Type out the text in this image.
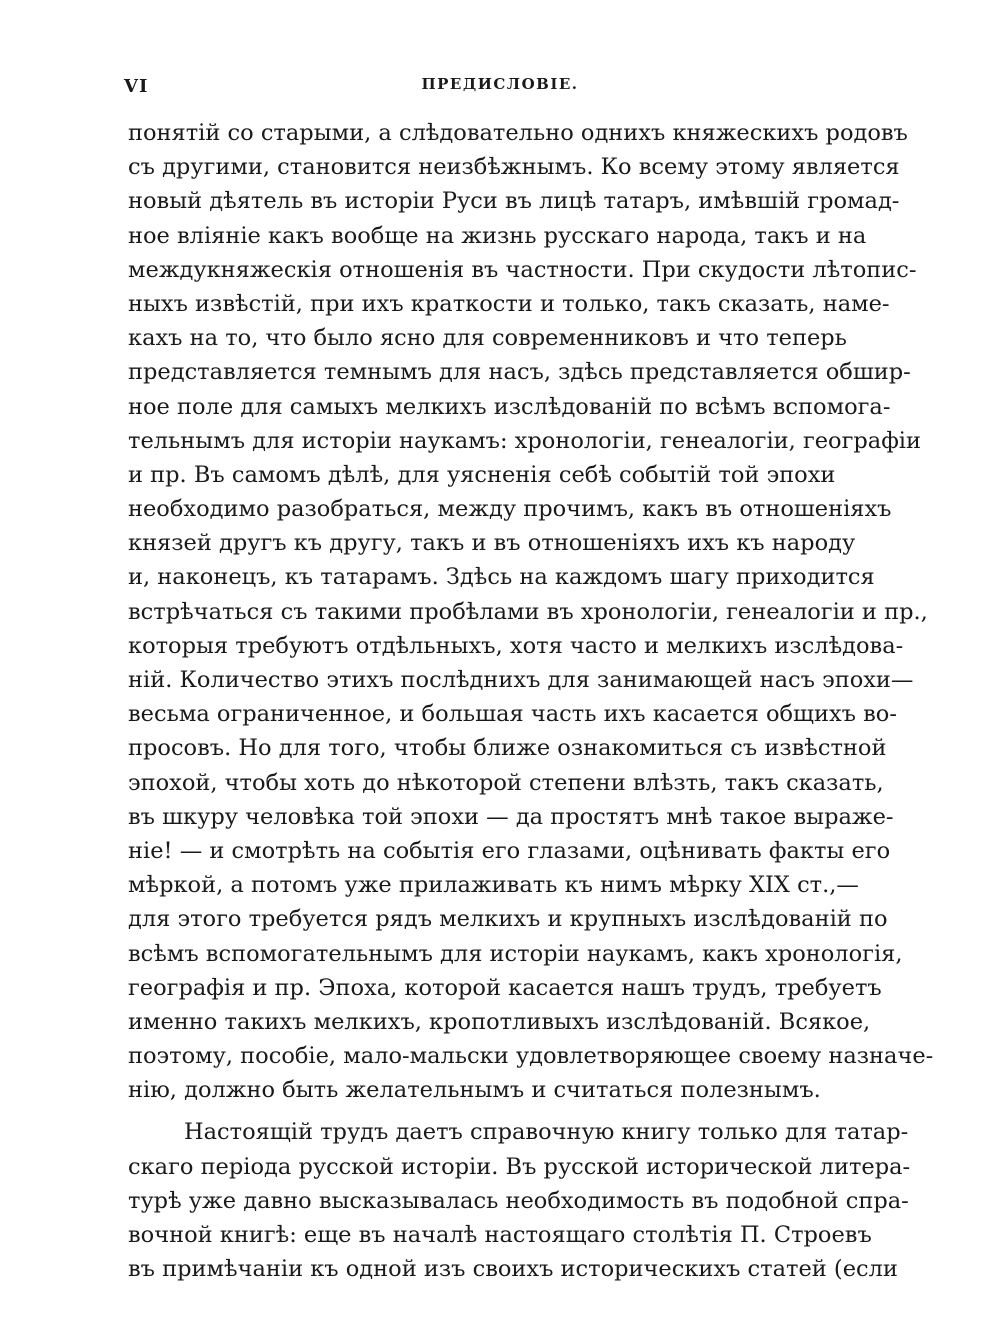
VI	ПРЕДИСЛОВІЕ.
понятій со старыми, а слѣдовательно однихъ княжескихъ родовъ
съ другими, становится неизбѣжнымъ. Ко всему этому является
новый дѣятель въ исторіи Руси въ лицѣ татаръ, имѣвшій громад-
ное вліяніе какъ вообще на жизнь русскаго народа, такъ и на
междукняжескія отношенія въ частности. При скудости лѣтопис-
ныхъ извѣстій, при ихъ краткости и только, такъ сказать, наме-
кахъ на то, что было ясно для современниковъ и что теперь
представляется темнымъ для насъ, здѣсь представляется обшир-
ное поле для самыхъ мелкихъ изслѣдованій по всѣмъ вспомога-
тельнымъ для исторіи наукамъ: хронологіи, генеалогіи, географіи
и пр. Въ самомъ дѣлѣ, для уясненія себѣ событій той эпохи
необходимо разобраться, между прочимъ, какъ въ отношеніяхъ
князей другъ къ другу, такъ и въ отношеніяхъ ихъ къ народу
и, наконецъ, къ татарамъ. Здѣсь на каждомъ шагу приходится
встрѣчаться съ такими пробѣлами въ хронологіи, генеалогіи и пр.,
которыя требуютъ отдѣльныхъ, хотя часто и мелкихъ изслѣдова-
ній. Количество этихъ послѣднихъ для занимающей насъ эпохи—
весьма ограниченное, и большая часть ихъ касается общихъ во-
просовъ. Но для того, чтобы ближе ознакомиться съ извѣстной
эпохой, чтобы хоть до нѣкоторой степени влѣзть, такъ сказать,
въ шкуру человѣка той эпохи — да простятъ мнѣ такое выраже-
ніе! — и смотрѣть на событія его глазами, оцѣнивать факты его
мѣркой, а потомъ уже прилаживать къ нимъ мѣрку XIX ст.,—
для этого требуется рядъ мелкихъ и крупныхъ изслѣдованій по
всѣмъ вспомогательнымъ для исторіи наукамъ, какъ хронологія,
географія и пр. Эпоха, которой касается нашъ трудъ, требуетъ
именно такихъ мелкихъ, кропотливыхъ изслѣдованій. Всякое,
поэтому, пособіе, мало-мальски удовлетворяющее своему назначе-
нію, должно быть желательнымъ и считаться полезнымъ.
Настоящій трудъ даетъ справочную книгу только для татар-
скаго періода русской исторіи. Въ русской исторической литера-
турѣ уже давно высказывалась необходимость въ подобной спра-
вочной книгѣ: еще въ началѣ настоящаго столѣтія П. Строевъ
въ примѣчаніи къ одной изъ своихъ историческихъ статей (если
